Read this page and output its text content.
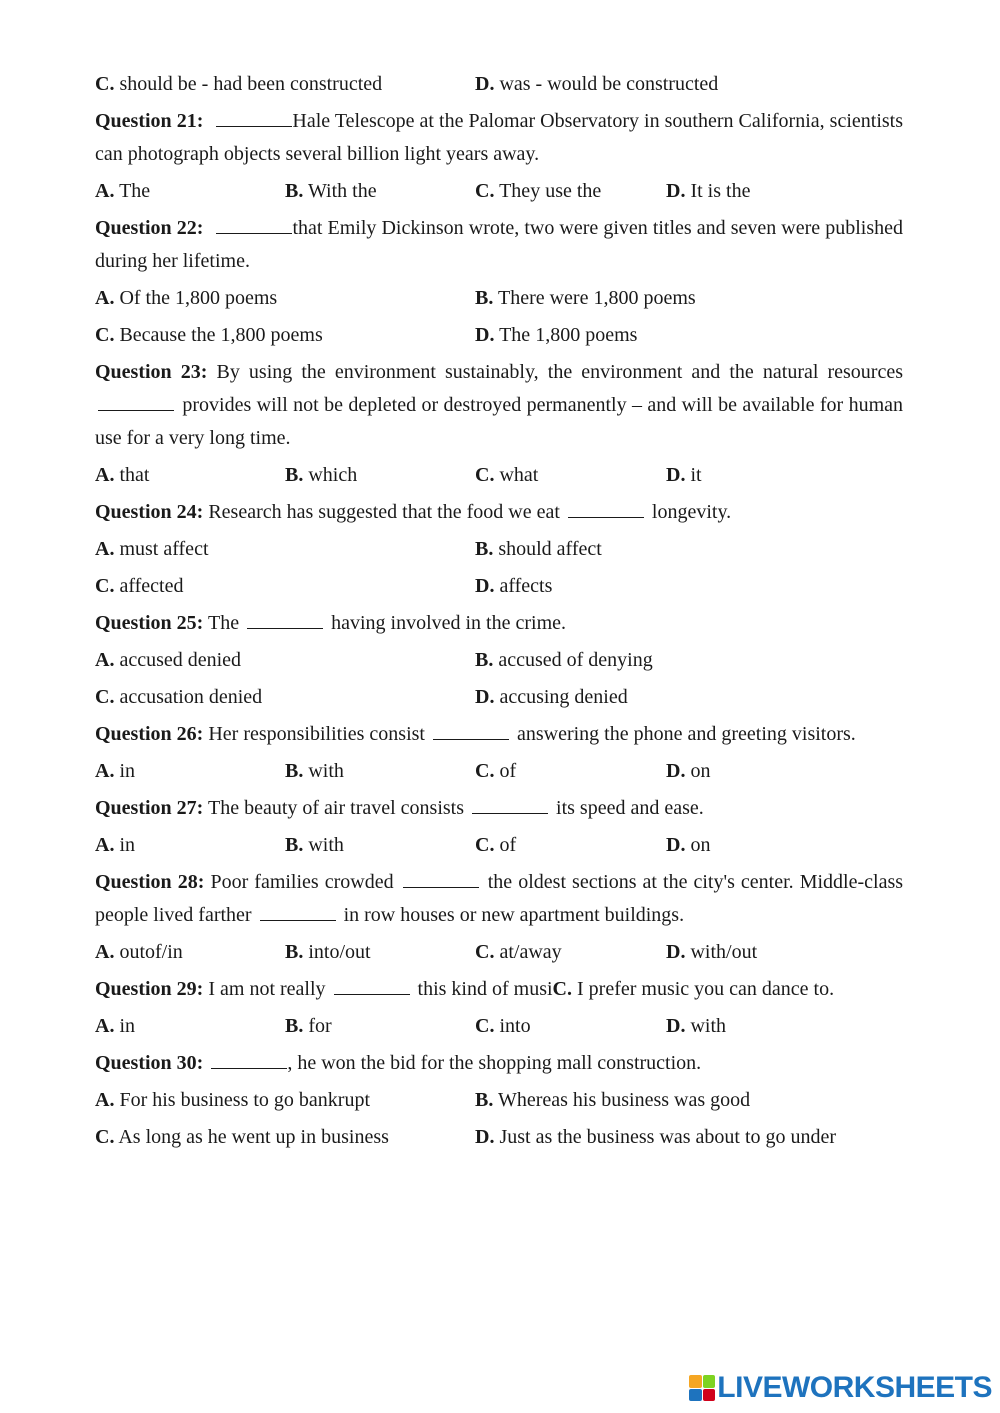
C. should be - had been constructed	D. was - would be constructed
Question 21:	Hale Telescope at the Palomar Observatory in southern California, scientists can photograph objects several billion light years away.
A. The	B. With the	C. They use the	D. It is the
Question 22:	that Emily Dickinson wrote, two were given titles and seven were published during her lifetime.
A. Of the 1,800 poems	B. There were 1,800 poems
C. Because the 1,800 poems	D. The 1,800 poems
Question 23: By using the environment sustainably, the environment and the natural resources  provides will not be depleted or destroyed permanently – and will be available for human use for a very long time.
A. that	B. which	C. what	D. it
Question 24: Research has suggested that the food we eat	longevity.
A. must affect	B. should affect
C. affected	D. affects
Question 25: The	having involved in the crime.
A. accused denied	B. accused of denying
C. accusation denied	D. accusing denied
Question 26: Her responsibilities consist	answering the phone and greeting visitors.
A. in	B. with	C. of	D. on
Question 27: The beauty of air travel consists	its speed and ease.
A. in	B. with	C. of	D. on
Question 28: Poor families crowded	the oldest sections at the city's center. Middle-class people lived farther	in row houses or new apartment buildings.
A. outof/in	B. into/out	C. at/away	D. with/out
Question 29: I am not really	this kind of musiC. I prefer music you can dance to.
A. in	B. for	C. into	D. with
Question 30:	, he won the bid for the shopping mall construction.
A. For his business to go bankrupt	B. Whereas his business was good
C. As long as he went up in business	D. Just as the business was about to go under
LIVEWORKSHEETS
